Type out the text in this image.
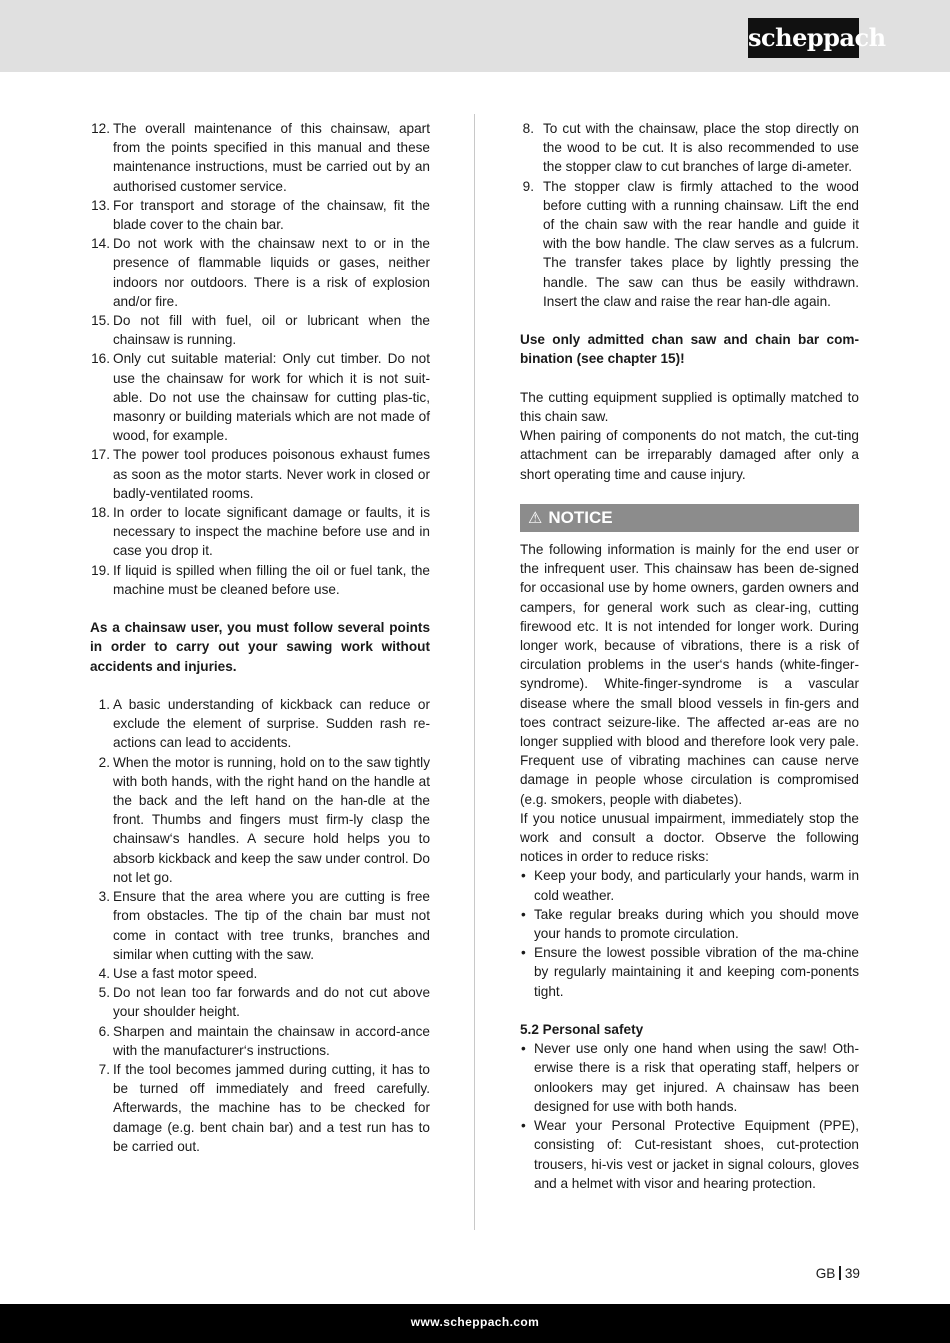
scheppach
12. The overall maintenance of this chainsaw, apart from the points specified in this manual and these maintenance instructions, must be carried out by an authorised customer service.
13. For transport and storage of the chainsaw, fit the blade cover to the chain bar.
14. Do not work with the chainsaw next to or in the presence of flammable liquids or gases, neither indoors nor outdoors. There is a risk of explosion and/or fire.
15. Do not fill with fuel, oil or lubricant when the chainsaw is running.
16. Only cut suitable material: Only cut timber. Do not use the chainsaw for work for which it is not suit-able. Do not use the chainsaw for cutting plas-tic, masonry or building materials which are not made of wood, for example.
17. The power tool produces poisonous exhaust fumes as soon as the motor starts. Never work in closed or badly-ventilated rooms.
18. In order to locate significant damage or faults, it is necessary to inspect the machine before use and in case you drop it.
19. If liquid is spilled when filling the oil or fuel tank, the machine must be cleaned before use.

As a chainsaw user, you must follow several points in order to carry out your sawing work without accidents and injuries.

1. A basic understanding of kickback can reduce or exclude the element of surprise. Sudden rash re-actions can lead to accidents.
2. When the motor is running, hold on to the saw tightly with both hands, with the right hand on the handle at the back and the left hand on the han-dle at the front. Thumbs and fingers must firm-ly clasp the chainsaw‘s handles. A secure hold helps you to absorb kickback and keep the saw under control. Do not let go.
3. Ensure that the area where you are cutting is free from obstacles. The tip of the chain bar must not come in contact with tree trunks, branches and similar when cutting with the saw.
4. Use a fast motor speed.
5. Do not lean too far forwards and do not cut above your shoulder height.
6. Sharpen and maintain the chainsaw in accord-ance with the manufacturer‘s instructions.
7. If the tool becomes jammed during cutting, it has to be turned off immediately and freed carefully. Afterwards, the machine has to be checked for damage (e.g. bent chain bar) and a test run has to be carried out.
8. To cut with the chainsaw, place the stop directly on the wood to be cut. It is also recommended to use the stopper claw to cut branches of large di-ameter.
9. The stopper claw is firmly attached to the wood before cutting with a running chainsaw. Lift the end of the chain saw with the rear handle and guide it with the bow handle. The claw serves as a fulcrum. The transfer takes place by lightly pressing the handle. The saw can thus be easily withdrawn. Insert the claw and raise the rear han-dle again.

Use only admitted chan saw and chain bar com-bination (see chapter 15)!

The cutting equipment supplied is optimally matched to this chain saw.

When pairing of components do not match, the cut-ting attachment can be irreparably damaged after only a short operating time and cause injury.

⚠ NOTICE

The following information is mainly for the end user or the infrequent user. This chainsaw has been de-signed for occasional use by home owners, garden owners and campers, for general work such as clear-ing, cutting firewood etc. It is not intended for longer work. During longer work, because of vibrations, there is a risk of circulation problems in the user‘s hands (white-finger-syndrome). White-finger-syndrome is a vascular disease where the small blood vessels in fin-gers and toes contract seizure-like. The affected ar-eas are no longer supplied with blood and therefore look very pale. Frequent use of vibrating machines can cause nerve damage in people whose circulation is compromised (e.g. smokers, people with diabetes).

If you notice unusual impairment, immediately stop the work and consult a doctor. Observe the following notices in order to reduce risks:

• Keep your body, and particularly your hands, warm in cold weather.
• Take regular breaks during which you should move your hands to promote circulation.
• Ensure the lowest possible vibration of the ma-chine by regularly maintaining it and keeping com-ponents tight.

5.2 Personal safety

• Never use only one hand when using the saw! Oth-erwise there is a risk that operating staff, helpers or onlookers may get injured. A chainsaw has been designed for use with both hands.
• Wear your Personal Protective Equipment (PPE), consisting of: Cut-resistant shoes, cut-protection trousers, hi-vis vest or jacket in signal colours, gloves and a helmet with visor and hearing protection.
GB 39
www.scheppach.com
